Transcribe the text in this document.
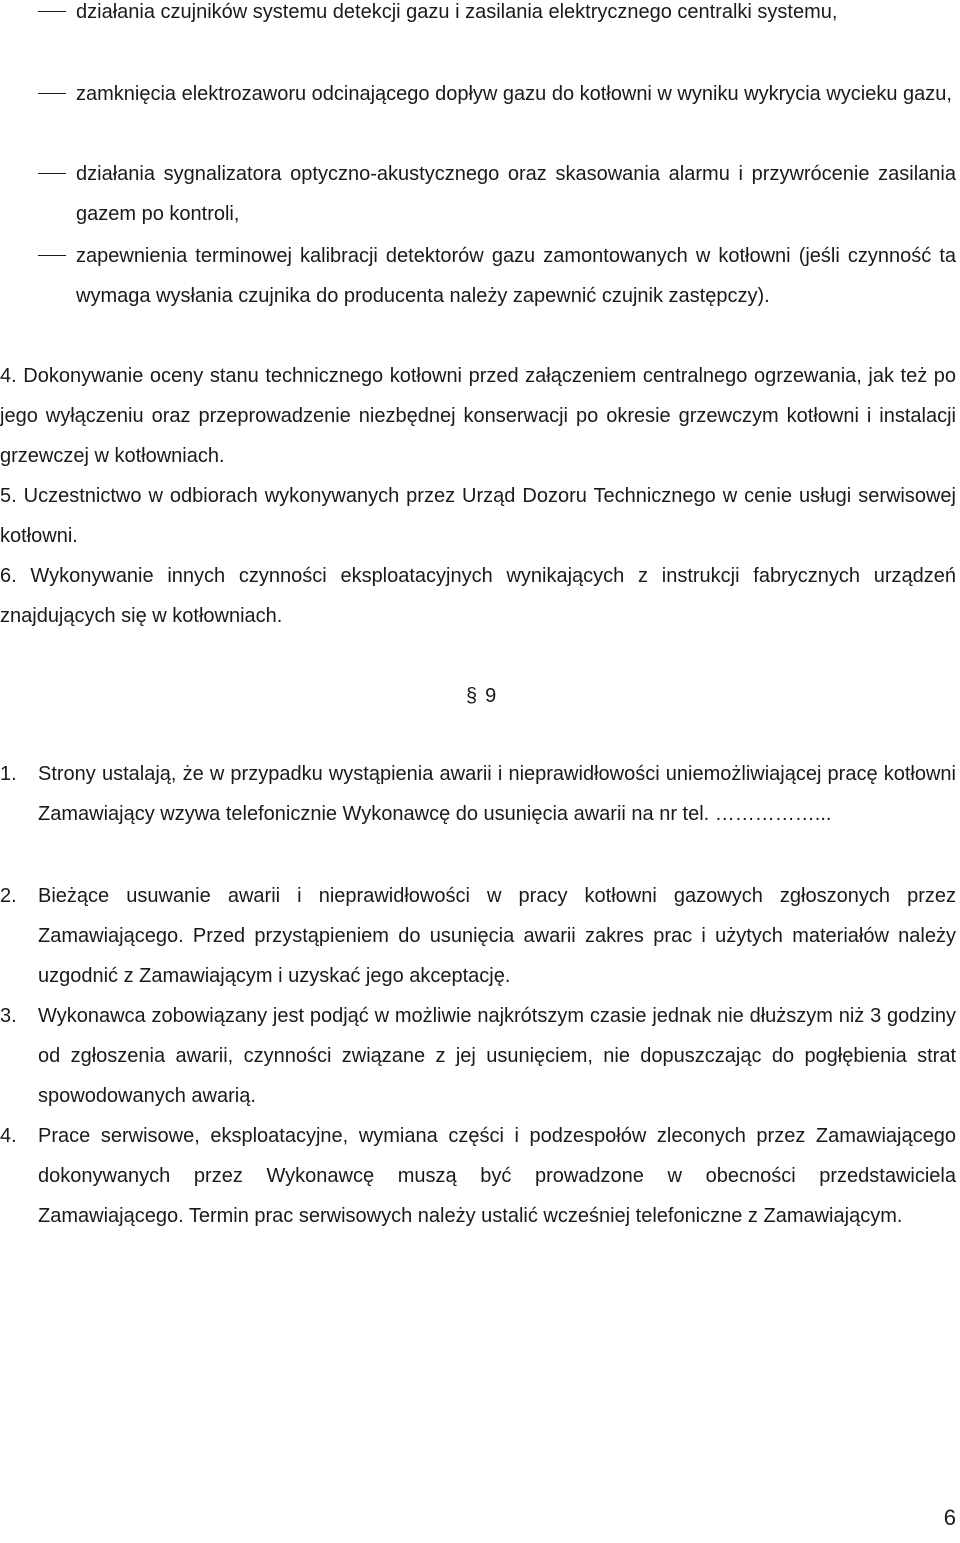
działania czujników systemu detekcji gazu i zasilania elektrycznego centralki systemu,
zamknięcia elektrozaworu odcinającego dopływ gazu do kotłowni w wyniku wykrycia wycieku gazu,
działania sygnalizatora optyczno-akustycznego oraz skasowania alarmu i przywrócenie zasilania gazem po kontroli,
zapewnienia terminowej kalibracji detektorów gazu zamontowanych w kotłowni (jeśli czynność ta wymaga wysłania czujnika do producenta należy zapewnić czujnik zastępczy).
4. Dokonywanie oceny stanu technicznego kotłowni przed załączeniem centralnego ogrzewania, jak też po jego wyłączeniu oraz przeprowadzenie niezbędnej konserwacji po okresie grzewczym kotłowni i instalacji grzewczej w kotłowniach.
5. Uczestnictwo w odbiorach wykonywanych przez Urząd Dozoru Technicznego w cenie usługi serwisowej kotłowni.
6. Wykonywanie innych czynności eksploatacyjnych wynikających z instrukcji fabrycznych urządzeń znajdujących się w kotłowniach.
§ 9
1. Strony ustalają, że w przypadku wystąpienia awarii i nieprawidłowości uniemożliwiającej pracę kotłowni Zamawiający wzywa telefonicznie Wykonawcę do usunięcia awarii na nr tel. ……………...
2. Bieżące usuwanie awarii i nieprawidłowości w pracy kotłowni gazowych zgłoszonych przez Zamawiającego. Przed przystąpieniem do usunięcia awarii zakres prac i użytych materiałów należy uzgodnić z Zamawiającym i uzyskać jego akceptację.
3. Wykonawca zobowiązany jest podjąć w możliwie najkrótszym czasie jednak nie dłuższym niż 3 godziny od zgłoszenia awarii, czynności związane z jej usunięciem, nie dopuszczając do pogłębienia strat spowodowanych awarią.
4. Prace serwisowe, eksploatacyjne, wymiana części i podzespołów zleconych przez Zamawiającego dokonywanych przez Wykonawcę muszą być prowadzone w obecności przedstawiciela Zamawiającego. Termin prac serwisowych należy ustalić wcześniej telefoniczne z Zamawiającym.
6
